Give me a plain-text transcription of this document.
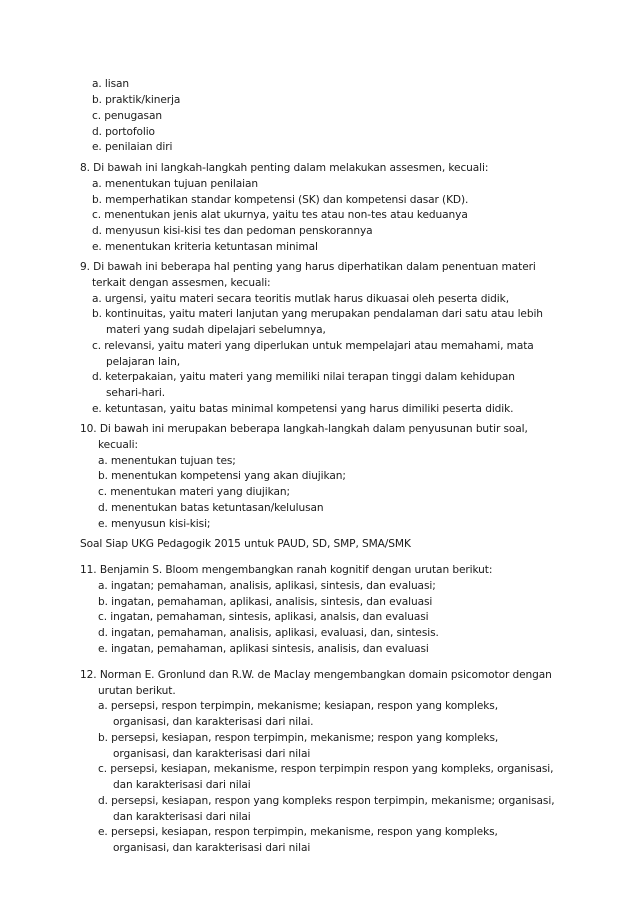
a. lisan
b. praktik/kinerja
c. penugasan
d. portofolio
e. penilaian diri
8. Di bawah ini langkah-langkah penting dalam melakukan assesmen, kecuali:
a. menentukan tujuan penilaian
b. memperhatikan standar kompetensi (SK) dan kompetensi dasar (KD).
c. menentukan jenis alat ukurnya, yaitu tes atau non-tes atau keduanya
d. menyusun kisi-kisi tes dan pedoman penskorannya
e. menentukan kriteria ketuntasan minimal
9. Di bawah ini beberapa hal penting yang harus diperhatikan dalam penentuan materi
terkait dengan assesmen, kecuali:
a. urgensi, yaitu materi secara teoritis mutlak harus dikuasai oleh peserta didik,
b. kontinuitas, yaitu materi lanjutan yang merupakan pendalaman dari satu atau lebih
materi yang sudah dipelajari sebelumnya,
c. relevansi, yaitu materi yang diperlukan untuk mempelajari atau memahami, mata
pelajaran lain,
d. keterpakaian, yaitu materi yang memiliki nilai terapan tinggi dalam kehidupan
sehari-hari.
e. ketuntasan, yaitu batas minimal kompetensi yang harus dimiliki peserta didik.
10. Di bawah ini merupakan beberapa langkah-langkah dalam penyusunan butir soal,
kecuali:
a. menentukan tujuan tes;
b. menentukan kompetensi yang akan diujikan;
c. menentukan materi yang diujikan;
d. menentukan batas ketuntasan/kelulusan
e. menyusun kisi-kisi;
Soal Siap UKG Pedagogik 2015 untuk PAUD, SD, SMP, SMA/SMK
11. Benjamin S. Bloom mengembangkan ranah kognitif dengan urutan berikut:
a. ingatan; pemahaman, analisis, aplikasi, sintesis, dan evaluasi;
b. ingatan, pemahaman, aplikasi, analisis, sintesis, dan evaluasi
c. ingatan, pemahaman, sintesis, aplikasi, analsis, dan evaluasi
d. ingatan, pemahaman, analisis, aplikasi, evaluasi, dan, sintesis.
e. ingatan, pemahaman, aplikasi sintesis, analisis, dan evaluasi
12. Norman E. Gronlund dan R.W. de Maclay mengembangkan domain psicomotor dengan
urutan berikut.
a. persepsi, respon terpimpin, mekanisme; kesiapan, respon yang kompleks,
organisasi, dan karakterisasi dari nilai.
b. persepsi, kesiapan, respon terpimpin, mekanisme; respon yang kompleks,
organisasi, dan karakterisasi dari nilai
c. persepsi, kesiapan, mekanisme, respon terpimpin respon yang kompleks, organisasi,
dan karakterisasi dari nilai
d. persepsi, kesiapan, respon yang kompleks respon terpimpin, mekanisme; organisasi,
dan karakterisasi dari nilai
e. persepsi, kesiapan, respon terpimpin, mekanisme, respon yang kompleks,
organisasi, dan karakterisasi dari nilai
